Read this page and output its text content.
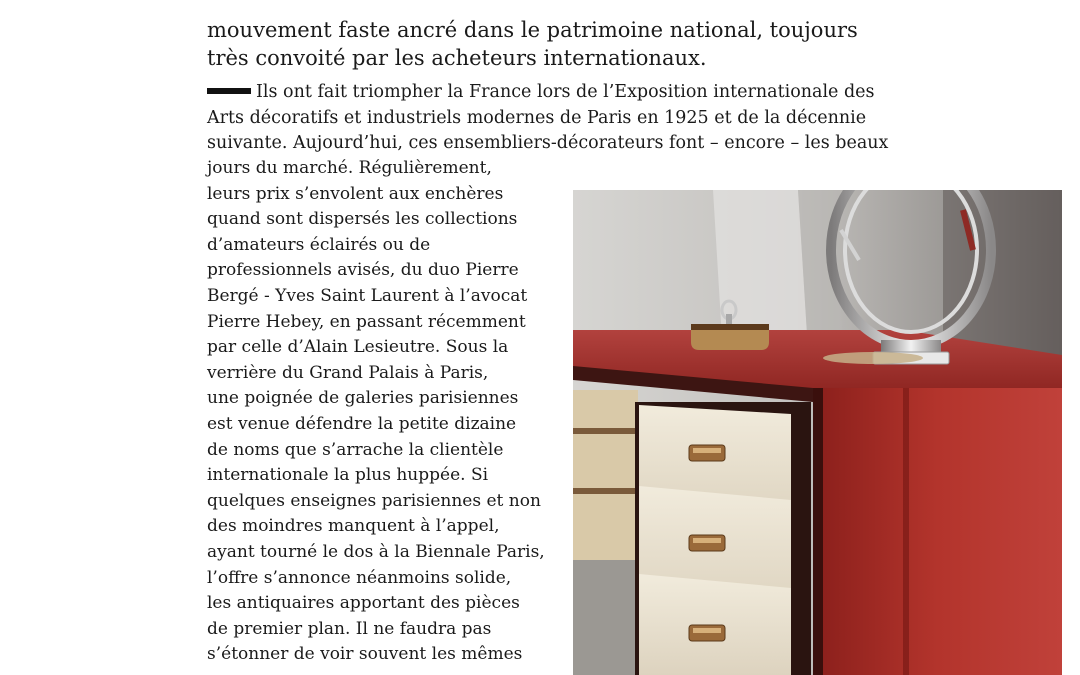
mouvement faste ancré dans le patrimoine national, toujours
très convoité par les acheteurs internationaux.

Ils ont fait triompher la France lors de l’Exposition internationale des
Arts décoratifs et industriels modernes de Paris en 1925 et de la décennie
suivante. Aujourd’hui, ces ensembliers-décorateurs font – encore – les beaux

jours du marché. Régulièrement,
leurs prix s’envolent aux enchères
quand sont dispersés les collections
d’amateurs éclairés ou de
professionnels avisés, du duo Pierre
Bergé - Yves Saint Laurent à l’avocat
Pierre Hebey, en passant récemment
par celle d’Alain Lesieutre. Sous la
verrière du Grand Palais à Paris,
une poignée de galeries parisiennes
est venue défendre la petite dizaine
de noms que s’arrache la clientèle
internationale la plus huppée. Si
quelques enseignes parisiennes et non
des moindres manquent à l’appel,
ayant tourné le dos à la Biennale Paris,
l’offre s’annonce néanmoins solide,
les antiquaires apportant des pièces
de premier plan. Il ne faudra pas
s’étonner de voir souvent les mêmes
